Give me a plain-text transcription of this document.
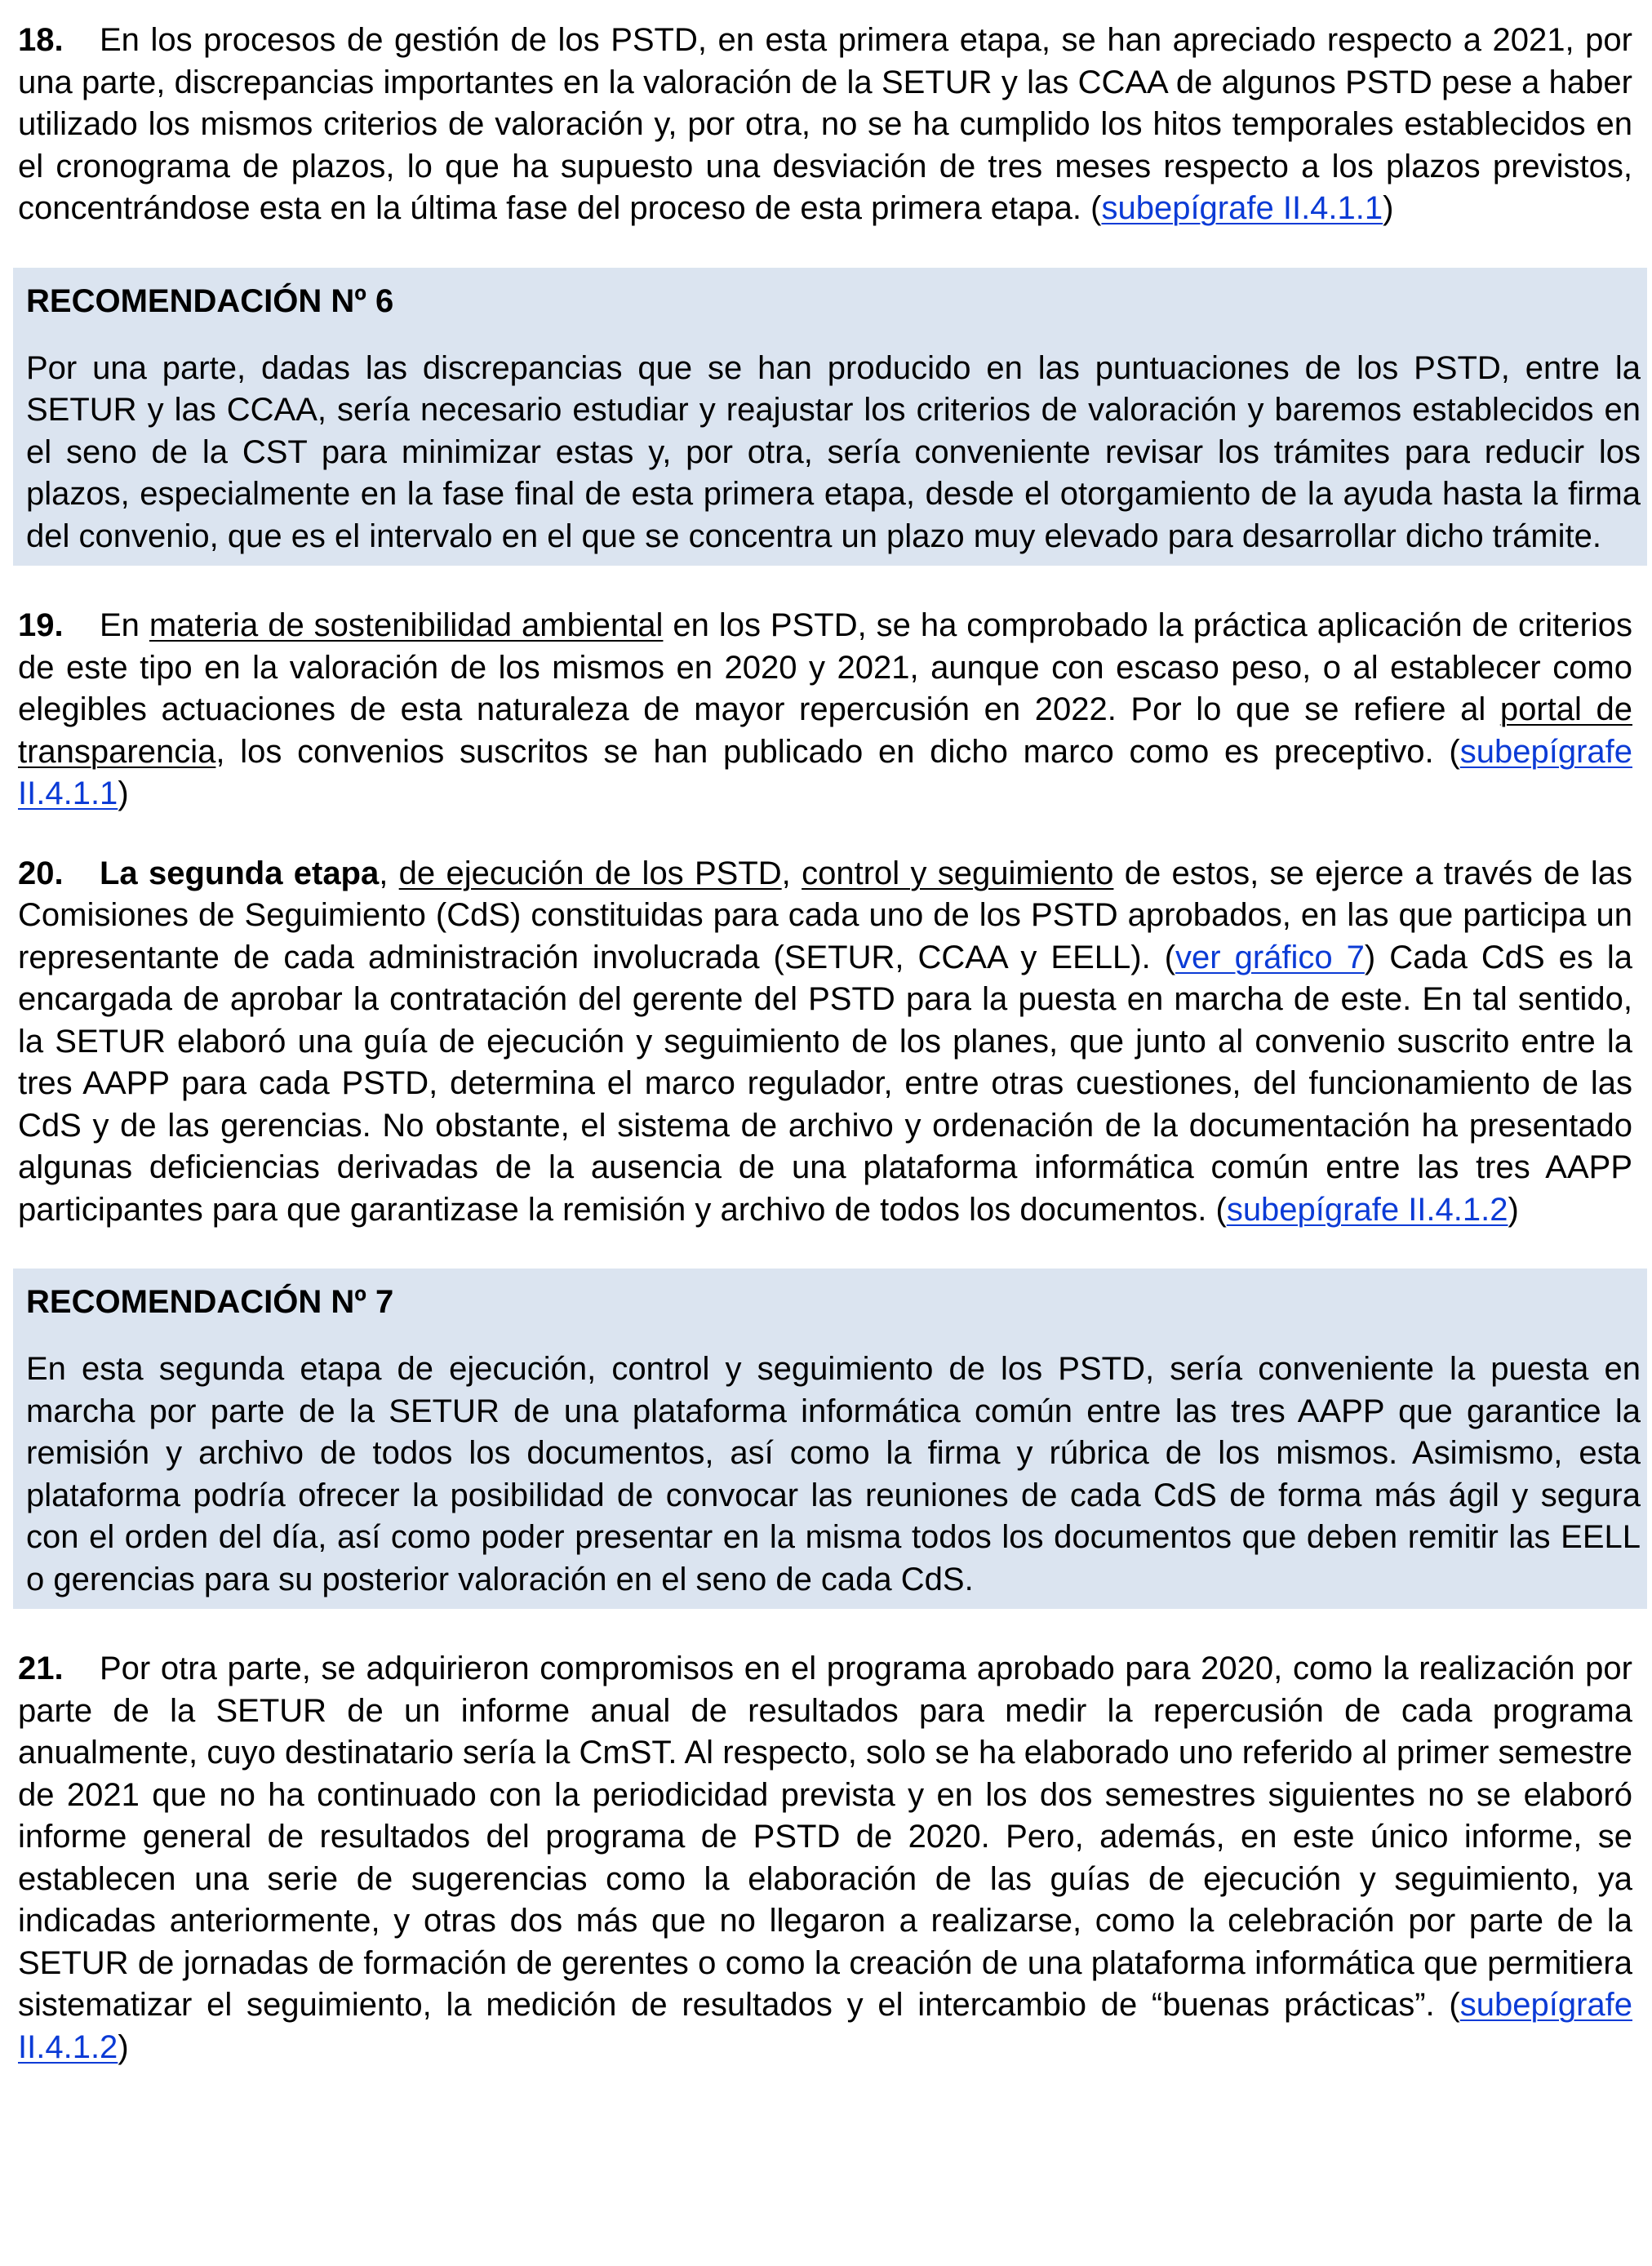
18. En los procesos de gestión de los PSTD, en esta primera etapa, se han apreciado respecto a 2021, por una parte, discrepancias importantes en la valoración de la SETUR y las CCAA de algunos PSTD pese a haber utilizado los mismos criterios de valoración y, por otra, no se ha cumplido los hitos temporales establecidos en el cronograma de plazos, lo que ha supuesto una desviación de tres meses respecto a los plazos previstos, concentrándose esta en la última fase del proceso de esta primera etapa. (subepígrafe II.4.1.1)

RECOMENDACIÓN Nº 6

Por una parte, dadas las discrepancias que se han producido en las puntuaciones de los PSTD, entre la SETUR y las CCAA, sería necesario estudiar y reajustar los criterios de valoración y baremos establecidos en el seno de la CST para minimizar estas y, por otra, sería conveniente revisar los trámites para reducir los plazos, especialmente en la fase final de esta primera etapa, desde el otorgamiento de la ayuda hasta la firma del convenio, que es el intervalo en el que se concentra un plazo muy elevado para desarrollar dicho trámite.

19. En materia de sostenibilidad ambiental en los PSTD, se ha comprobado la práctica aplicación de criterios de este tipo en la valoración de los mismos en 2020 y 2021, aunque con escaso peso, o al establecer como elegibles actuaciones de esta naturaleza de mayor repercusión en 2022. Por lo que se refiere al portal de transparencia, los convenios suscritos se han publicado en dicho marco como es preceptivo. (subepígrafe II.4.1.1)

20. La segunda etapa, de ejecución de los PSTD, control y seguimiento de estos, se ejerce a través de las Comisiones de Seguimiento (CdS) constituidas para cada uno de los PSTD aprobados, en las que participa un representante de cada administración involucrada (SETUR, CCAA y EELL). (ver gráfico 7) Cada CdS es la encargada de aprobar la contratación del gerente del PSTD para la puesta en marcha de este. En tal sentido, la SETUR elaboró una guía de ejecución y seguimiento de los planes, que junto al convenio suscrito entre la tres AAPP para cada PSTD, determina el marco regulador, entre otras cuestiones, del funcionamiento de las CdS y de las gerencias. No obstante, el sistema de archivo y ordenación de la documentación ha presentado algunas deficiencias derivadas de la ausencia de una plataforma informática común entre las tres AAPP participantes para que garantizase la remisión y archivo de todos los documentos. (subepígrafe II.4.1.2)

RECOMENDACIÓN Nº 7

En esta segunda etapa de ejecución, control y seguimiento de los PSTD, sería conveniente la puesta en marcha por parte de la SETUR de una plataforma informática común entre las tres AAPP que garantice la remisión y archivo de todos los documentos, así como la firma y rúbrica de los mismos. Asimismo, esta plataforma podría ofrecer la posibilidad de convocar las reuniones de cada CdS de forma más ágil y segura con el orden del día, así como poder presentar en la misma todos los documentos que deben remitir las EELL o gerencias para su posterior valoración en el seno de cada CdS.

21. Por otra parte, se adquirieron compromisos en el programa aprobado para 2020, como la realización por parte de la SETUR de un informe anual de resultados para medir la repercusión de cada programa anualmente, cuyo destinatario sería la CmST. Al respecto, solo se ha elaborado uno referido al primer semestre de 2021 que no ha continuado con la periodicidad prevista y en los dos semestres siguientes no se elaboró informe general de resultados del programa de PSTD de 2020. Pero, además, en este único informe, se establecen una serie de sugerencias como la elaboración de las guías de ejecución y seguimiento, ya indicadas anteriormente, y otras dos más que no llegaron a realizarse, como la celebración por parte de la SETUR de jornadas de formación de gerentes o como la creación de una plataforma informática que permitiera sistematizar el seguimiento, la medición de resultados y el intercambio de “buenas prácticas”. (subepígrafe II.4.1.2)
